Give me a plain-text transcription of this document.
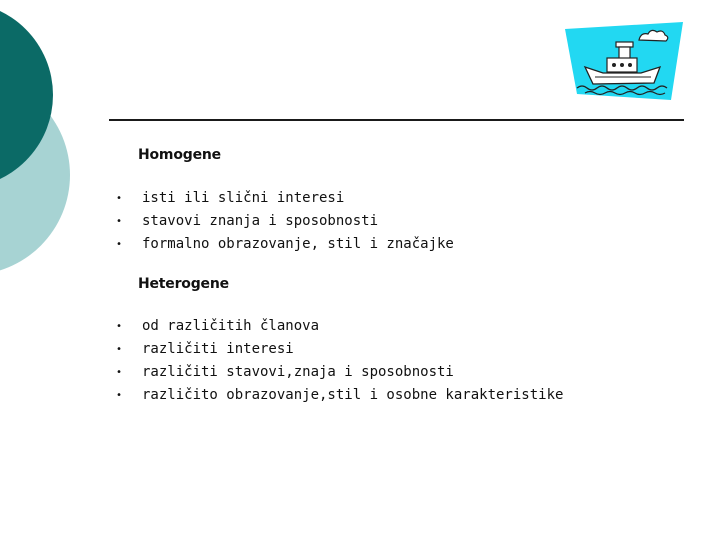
Homogene
• isti ili slični interesi
• stavovi znanja i sposobnosti
• formalno obrazovanje, stil i značajke
Heterogene
• od različitih članova
• različiti interesi
• različiti stavovi,znaja i sposobnosti
• različito obrazovanje,stil i osobne karakteristike
